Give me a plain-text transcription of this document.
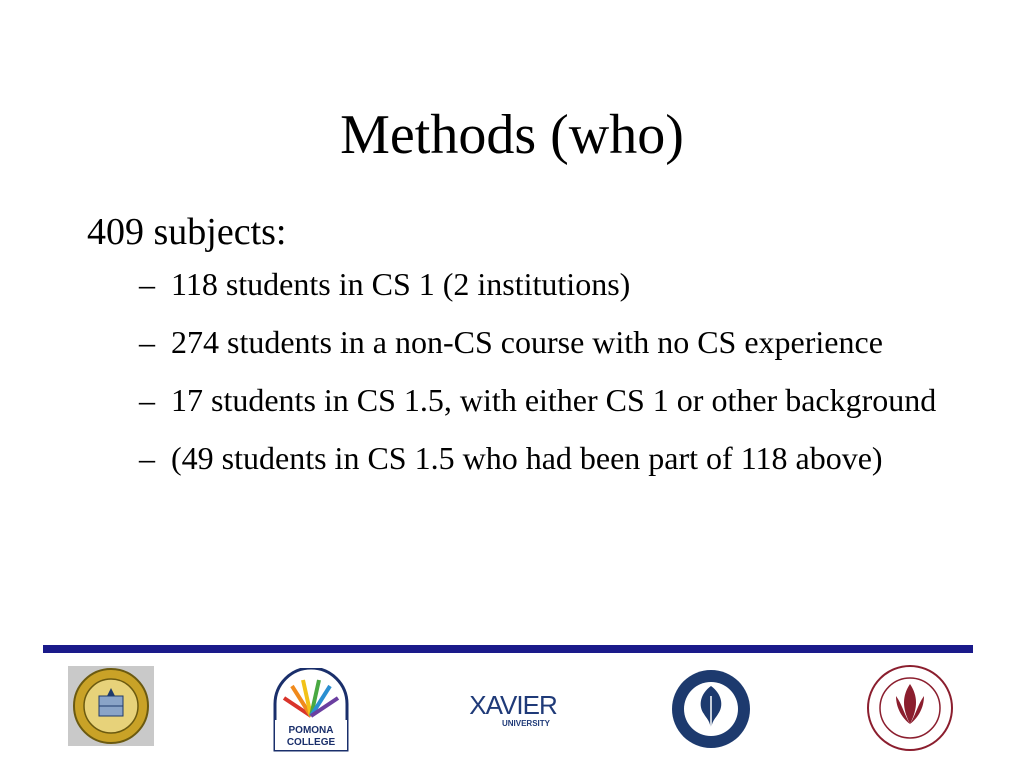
Methods (who)
409 subjects:
– 118 students in CS 1 (2 institutions)
– 274 students in a non-CS course with no CS experience
– 17 students in CS 1.5, with either CS 1 or other background
– (49 students in CS 1.5 who had been part of 118 above)
POMONA
COLLEGE
XAVIER
UNIVERSITY
